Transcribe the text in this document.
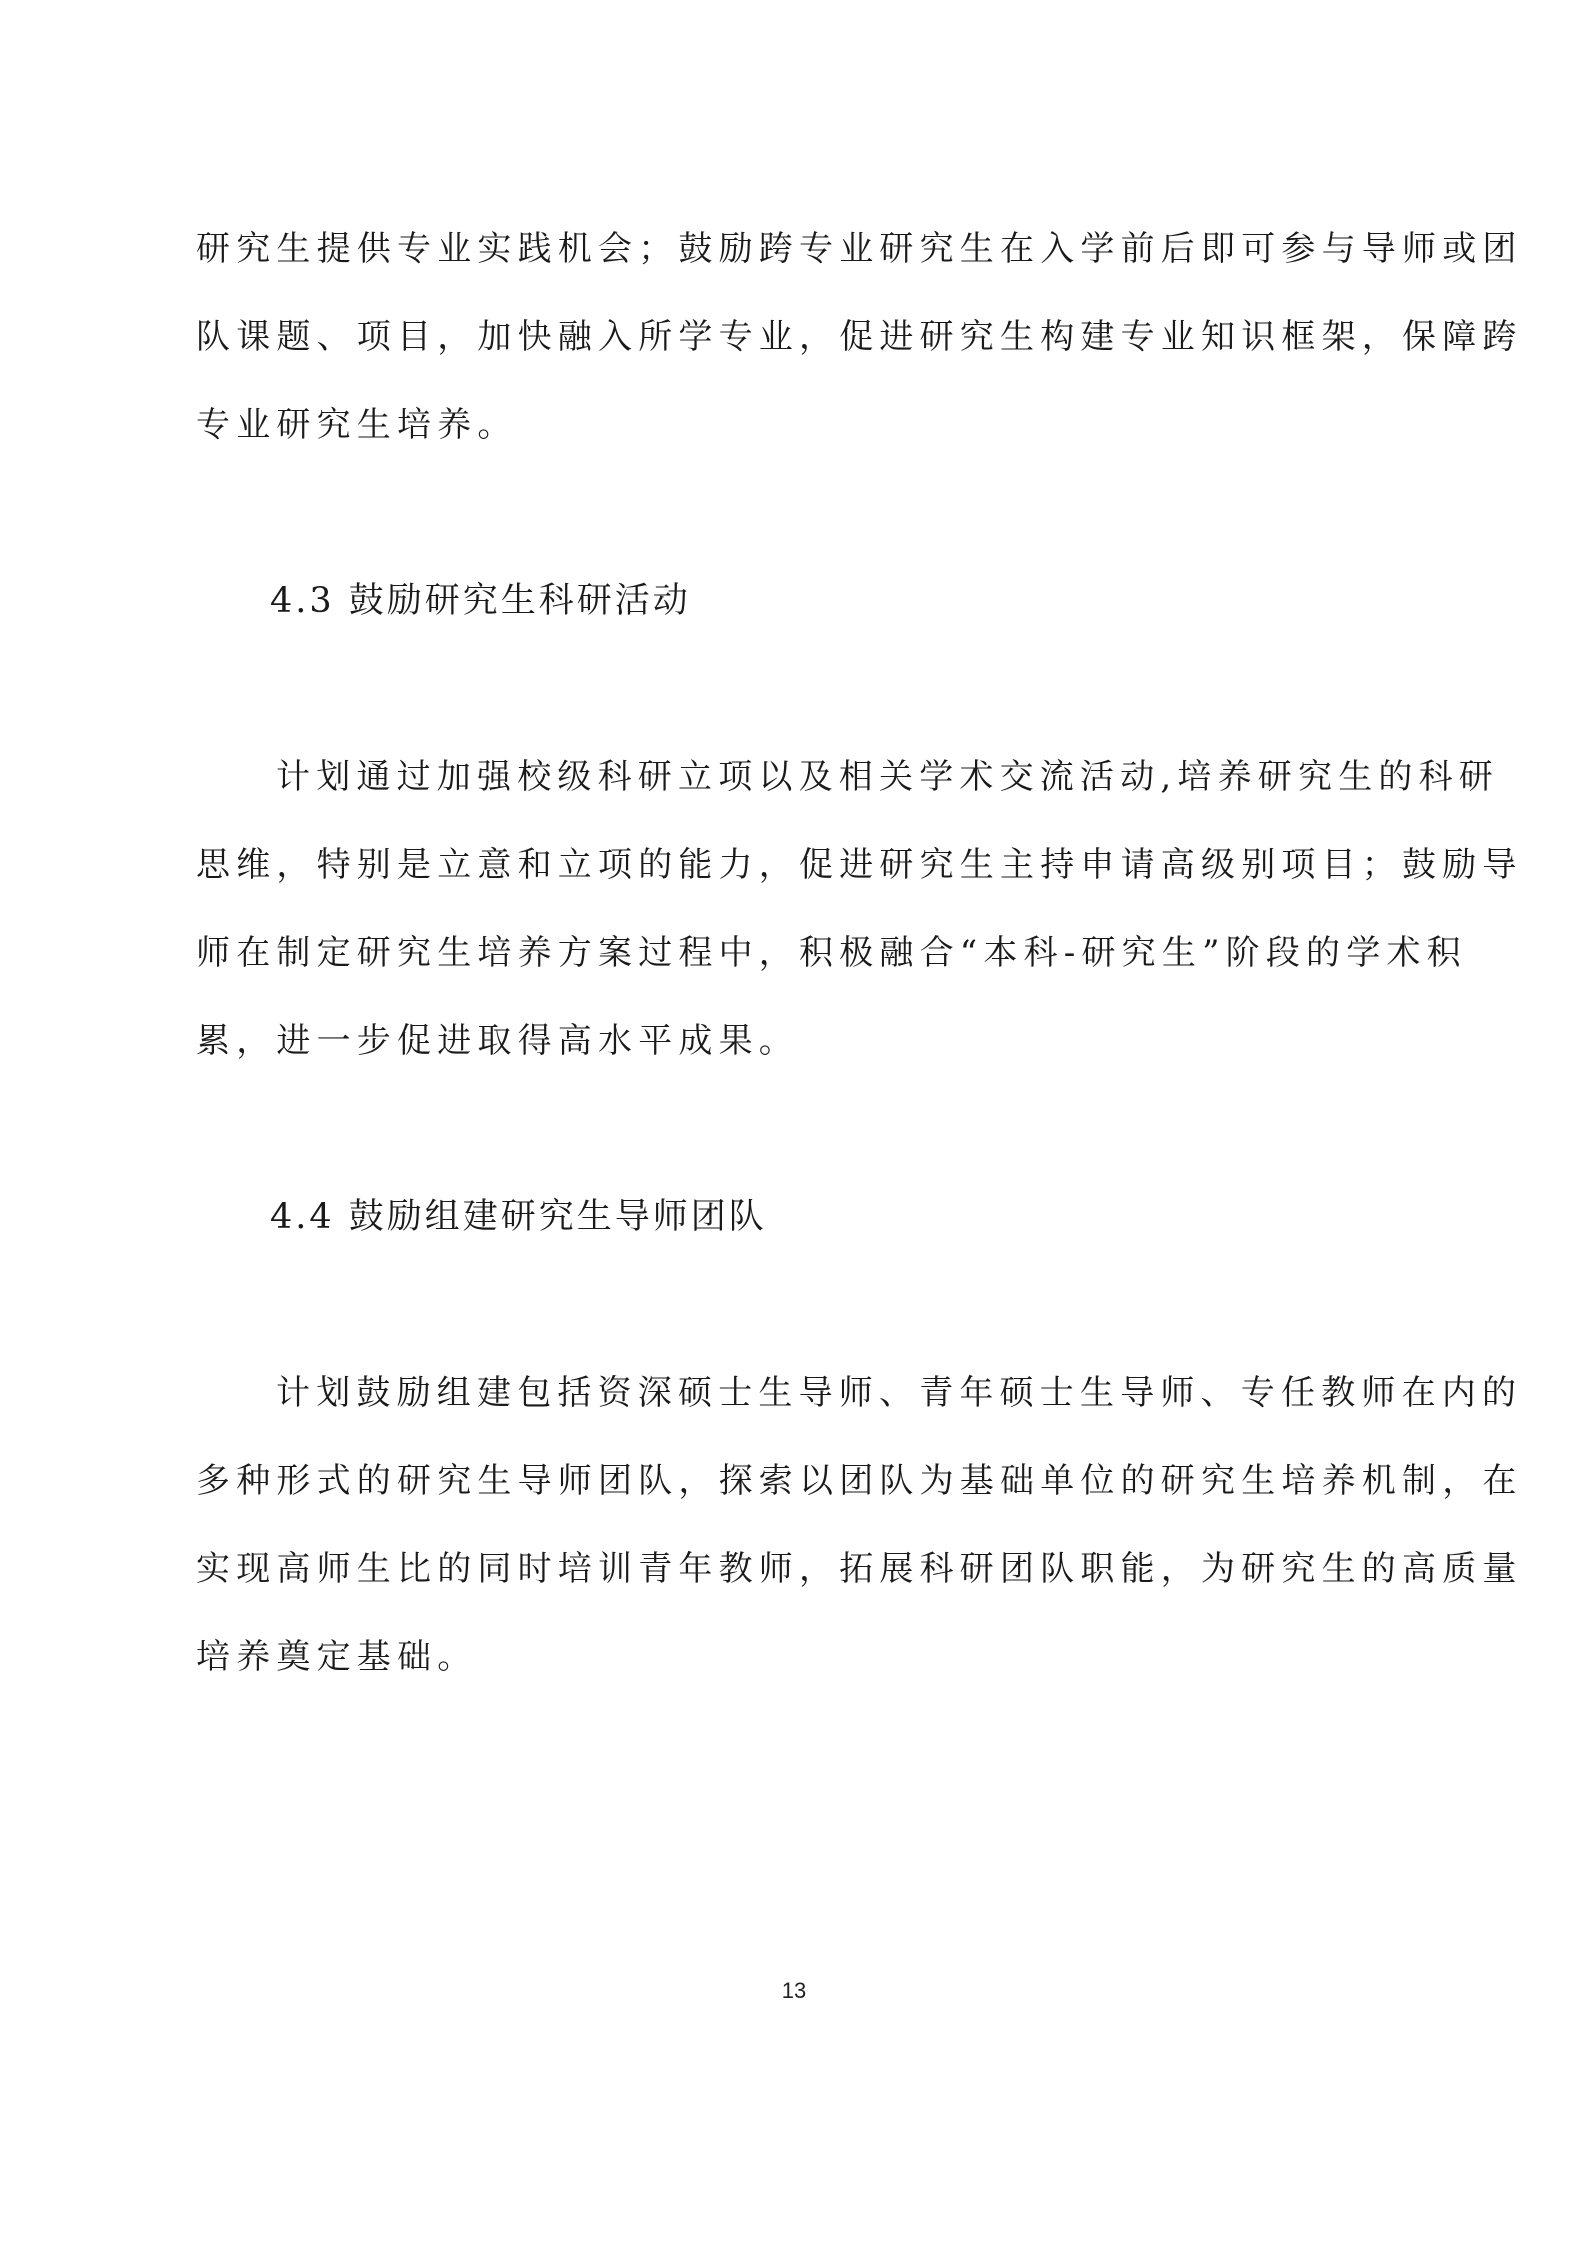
研究生提供专业实践机会；鼓励跨专业研究生在入学前后即可参与导师或团
队课题、项目，加快融入所学专业，促进研究生构建专业知识框架，保障跨
专业研究生培养。
4.3 鼓励研究生科研活动
计划通过加强校级科研立项以及相关学术交流活动,培养研究生的科研
思维，特别是立意和立项的能力，促进研究生主持申请高级别项目；鼓励导
师在制定研究生培养方案过程中，积极融合“本科-研究生”阶段的学术积
累，进一步促进取得高水平成果。
4.4 鼓励组建研究生导师团队
计划鼓励组建包括资深硕士生导师、青年硕士生导师、专任教师在内的
多种形式的研究生导师团队，探索以团队为基础单位的研究生培养机制，在
实现高师生比的同时培训青年教师，拓展科研团队职能，为研究生的高质量
培养奠定基础。
13
